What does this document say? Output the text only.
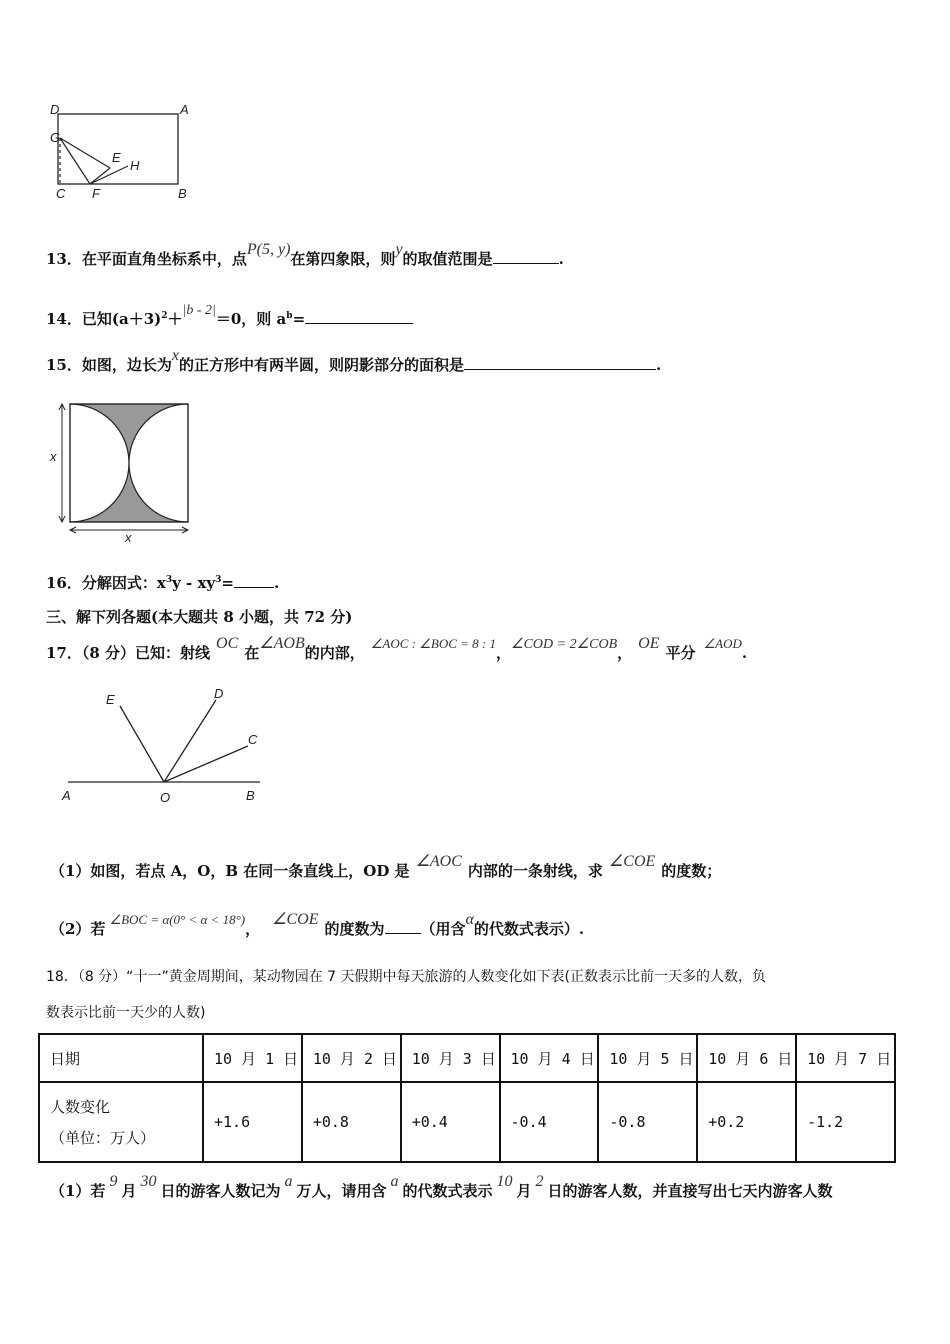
D	A
G
E
H
C F	B
13．在平面直角坐标系中，点P(5, y)在第四象限，则y的取值范围是	.
14．已知$(a+3)^2+|b - 2|=0$，则 $a^b=$
15．如图，边长为x的正方形中有两半圆，则阴影部分的面积是	.
x
x
16．分解因式：$x^3y - xy^3=$	.
三、解下列各题(本大题共 8 小题，共 72 分)
17．（8 分）已知：射线OC在∠AOB的内部，∠AOC : ∠BOC = 8 : 1，∠COD = 2∠COB，OE平分∠AOD.
E	D
C
A	O	B
（1）如图，若点 A，O，B 在同一条直线上，OD 是∠AOC内部的一条射线，求∠COE的度数；
（2）若∠BOC = α(0° < α < 18°)，∠COE的度数为 （用含α的代数式表示）.
18．（8 分）“十一”黄金周期间，某动物园在 7 天假期中每天旅游的人数变化如下表(正数表示比前一天多的人数，负
数表示比前一天少的人数)
日期	10 月 1 日	10 月 2 日	10 月 3 日	10 月 4 日	10 月 5 日	10 月 6 日	10 月 7 日

人数变化
（单位：万人）	+1.6	+0.8	+0.4	-0.4	-0.8	+0.2	-1.2
（1）若9月30日的游客人数记为a万人，请用含a的代数式表示10月2日的游客人数，并直接写出七天内游客人数
